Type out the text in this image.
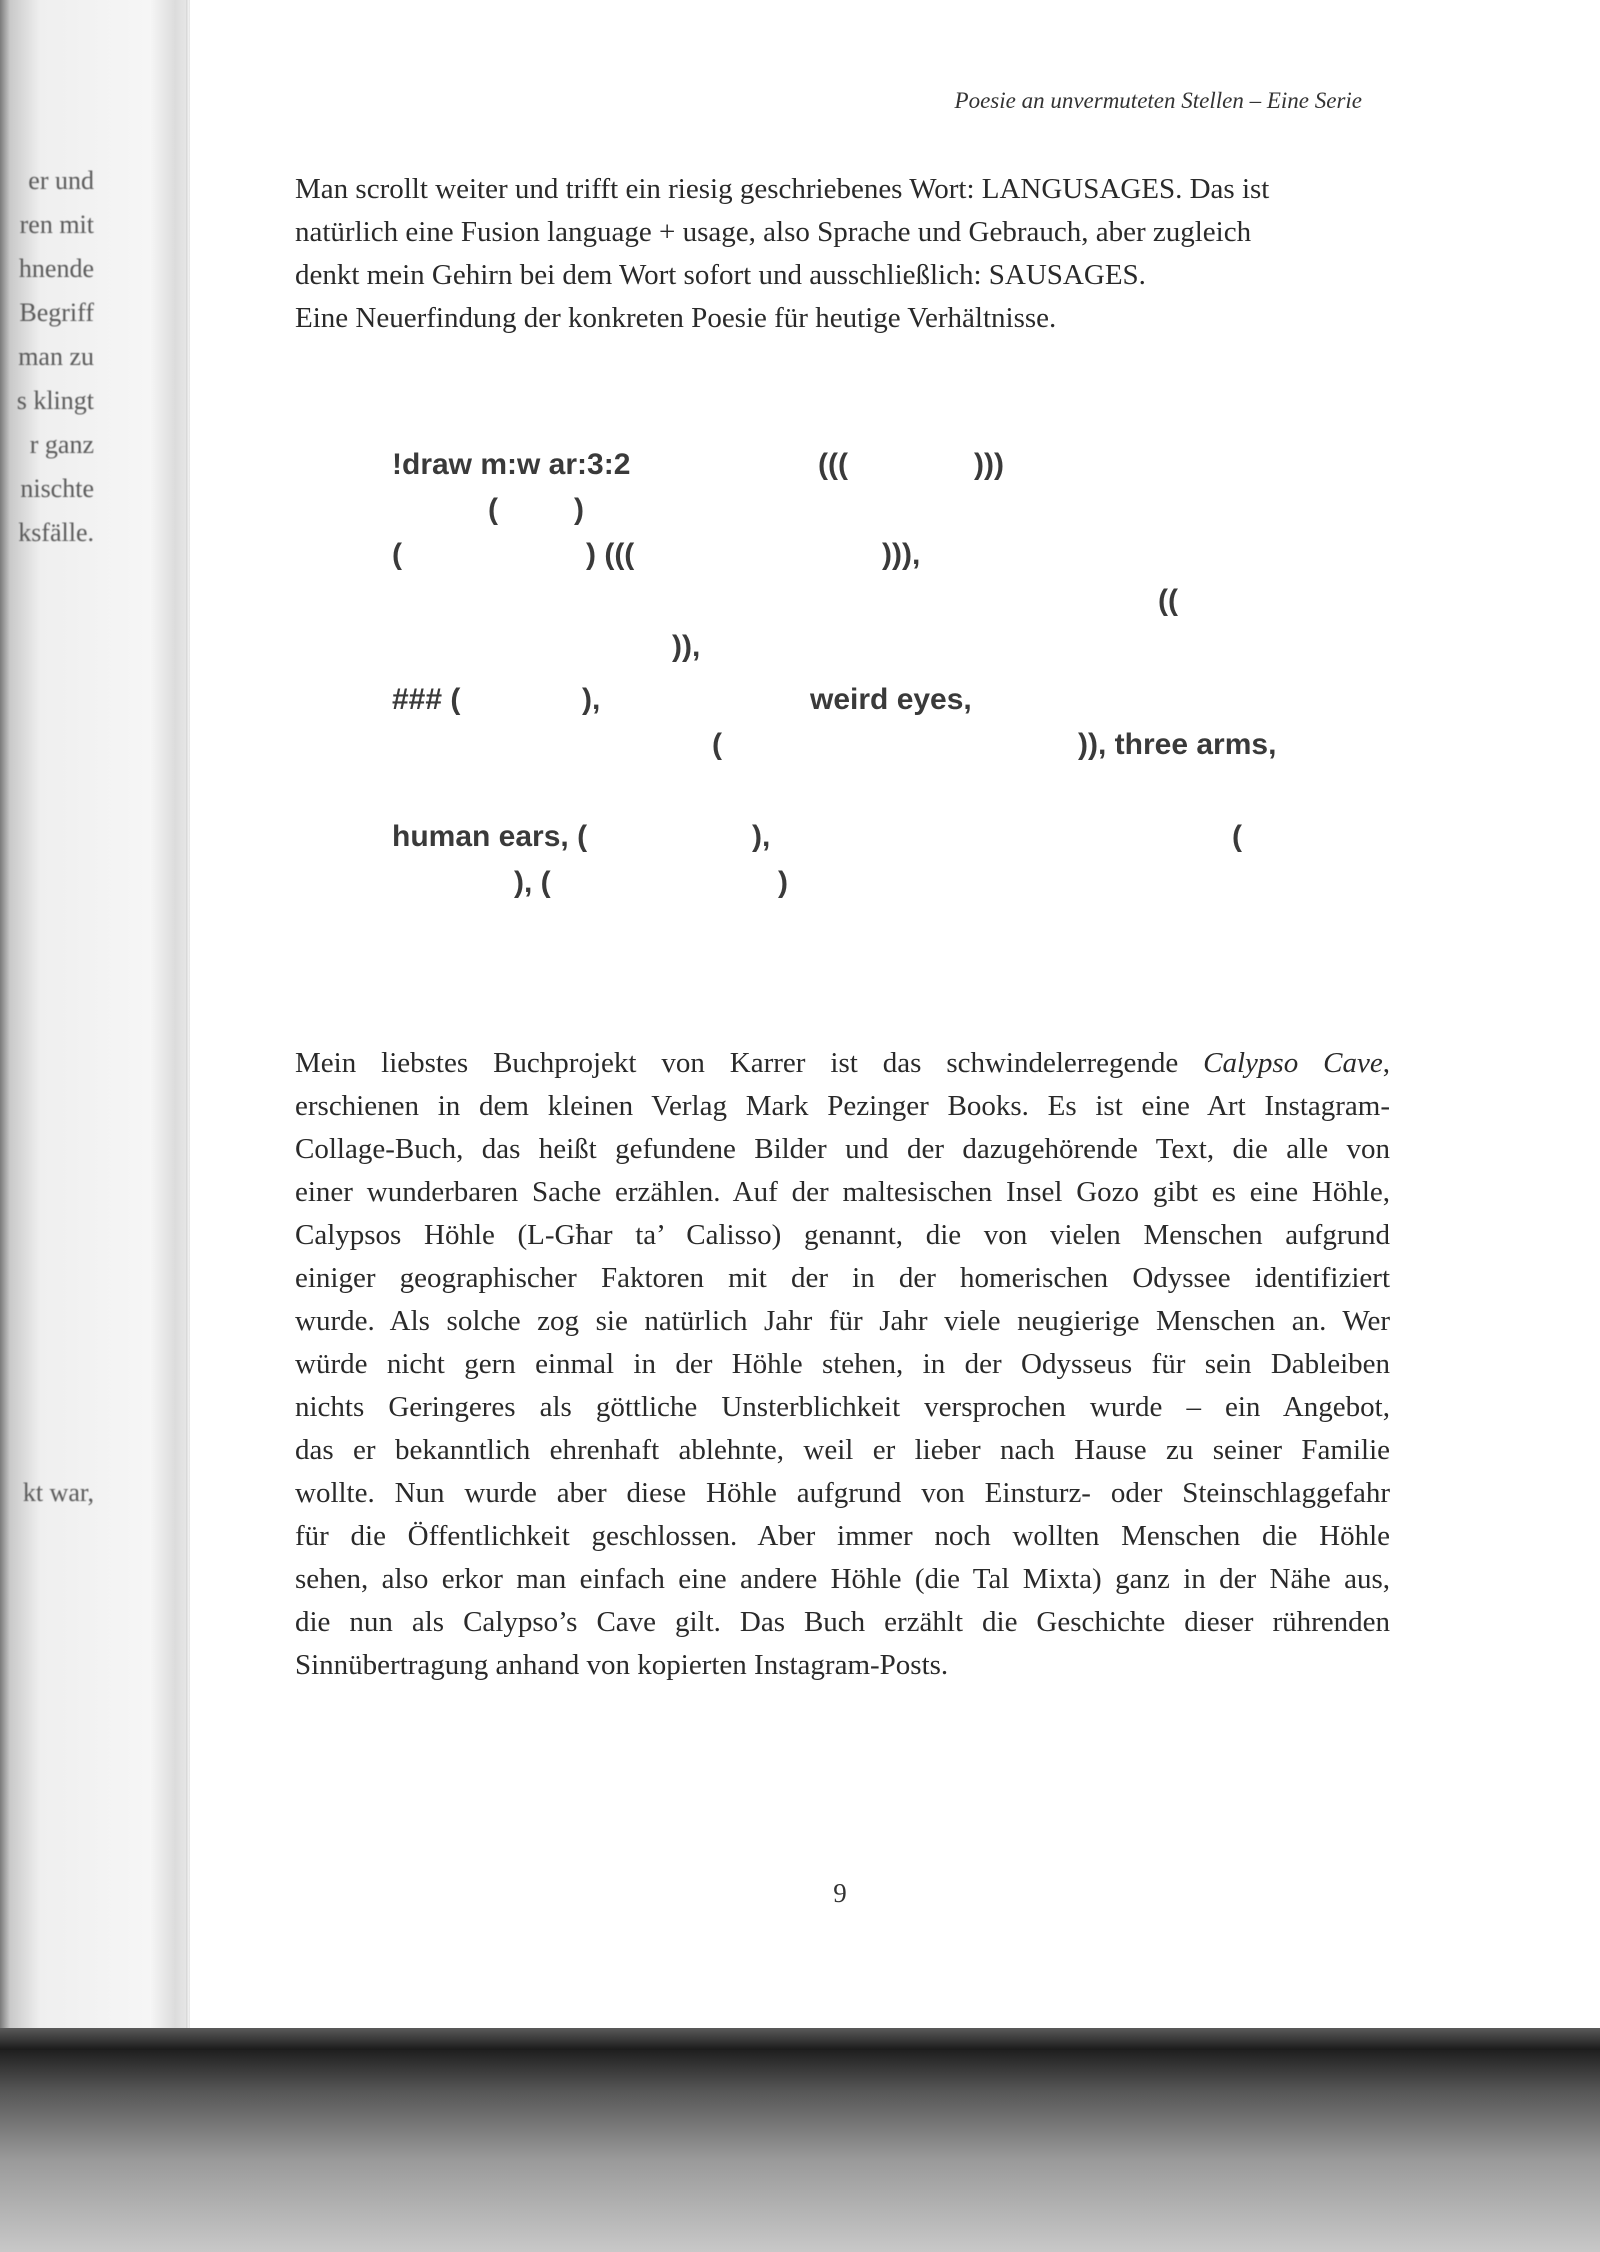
er und
ren mit
hnende
Begriff
man zu
s klingt
r ganz
nischte
ksfälle.
kt war,
Poesie an unvermuteten Stellen – Eine Serie
Man scrollt weiter und trifft ein riesig geschriebenes Wort: LANGUSAGES. Das ist
natürlich eine Fusion language + usage, also Sprache und Gebrauch, aber zugleich
denkt mein Gehirn bei dem Wort sofort und ausschließlich: SAUSAGES.
Eine Neuerfindung der konkreten Poesie für heutige Verhältnisse.
!draw m:w ar:3:2	(((	)))
(	)
(	) (((	))),
((
)),
### (	),	weird eyes,
(	)), three arms,
human ears, (	),	(
), (	)
Mein liebstes Buchprojekt von Karrer ist das schwindelerregende Calypso Cave,
erschienen in dem kleinen Verlag Mark Pezinger Books. Es ist eine Art Instagram-
Collage-Buch, das heißt gefundene Bilder und der dazugehörende Text, die alle von
einer wunderbaren Sache erzählen. Auf der maltesischen Insel Gozo gibt es eine Höhle,
Calypsos Höhle (L-Għar ta’ Calisso) genannt, die von vielen Menschen aufgrund
einiger geographischer Faktoren mit der in der homerischen Odyssee identifiziert
wurde. Als solche zog sie natürlich Jahr für Jahr viele neugierige Menschen an. Wer
würde nicht gern einmal in der Höhle stehen, in der Odysseus für sein Dableiben
nichts Geringeres als göttliche Unsterblichkeit versprochen wurde – ein Angebot,
das er bekanntlich ehrenhaft ablehnte, weil er lieber nach Hause zu seiner Familie
wollte. Nun wurde aber diese Höhle aufgrund von Einsturz- oder Steinschlaggefahr
für die Öffentlichkeit geschlossen. Aber immer noch wollten Menschen die Höhle
sehen, also erkor man einfach eine andere Höhle (die Tal Mixta) ganz in der Nähe aus,
die nun als Calypso’s Cave gilt. Das Buch erzählt die Geschichte dieser rührenden
Sinnübertragung anhand von kopierten Instagram-Posts.
9
